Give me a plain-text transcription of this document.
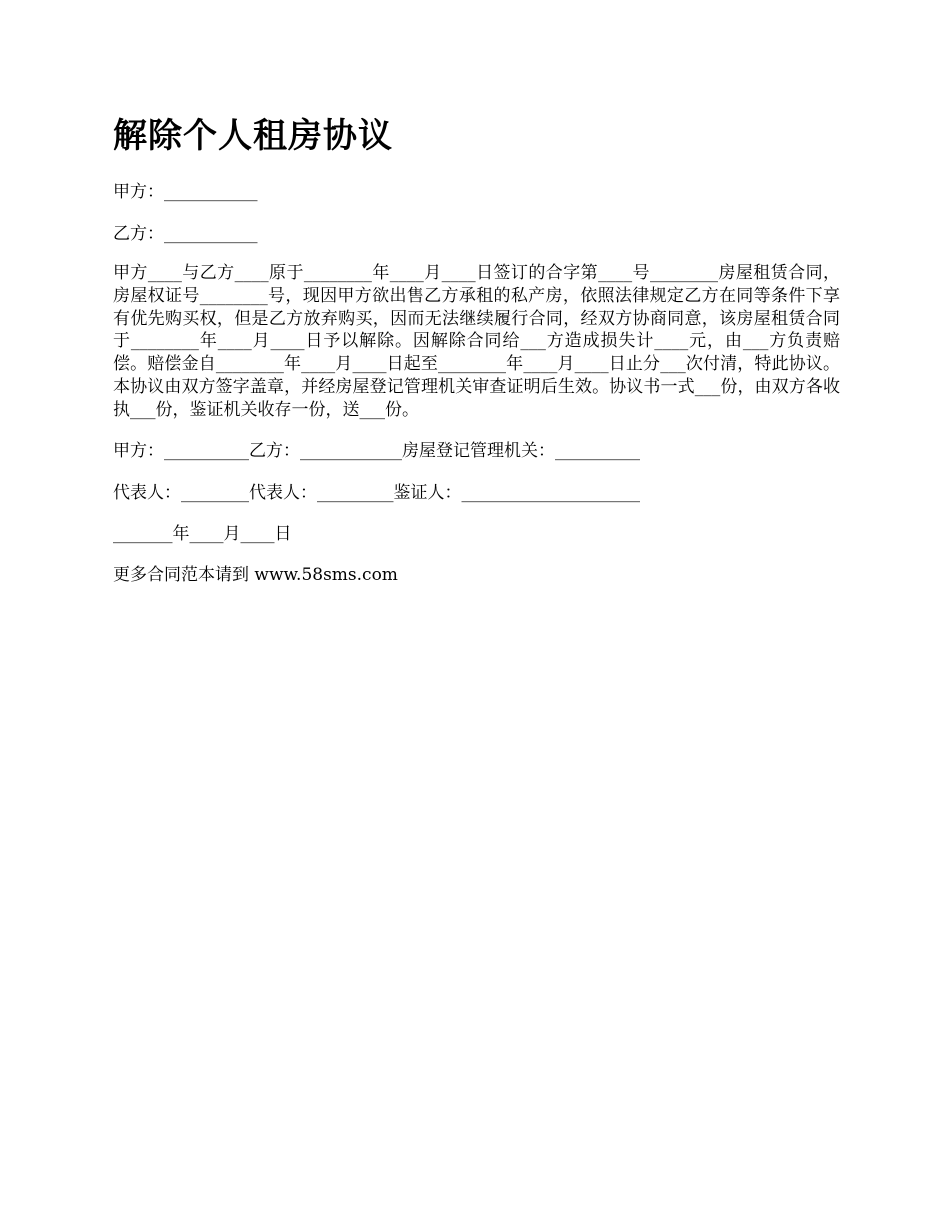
解除个人租房协议

甲方：___________

乙方：___________

甲方____与乙方____原于________年____月____日签订的合字第____号________房屋租赁合同，房屋权证号________号，现因甲方欲出售乙方承租的私产房，依照法律规定乙方在同等条件下享有优先购买权，但是乙方放弃购买，因而无法继续履行合同，经双方协商同意，该房屋租赁合同于________年____月____日予以解除。因解除合同给___方造成损失计____元，由___方负责赔偿。赔偿金自________年____月____日起至________年____月____日止分___次付清，特此协议。本协议由双方签字盖章，并经房屋登记管理机关审查证明后生效。协议书一式___份，由双方各收执___份，鉴证机关收存一份，送___份。

甲方：__________乙方：____________房屋登记管理机关：__________

代表人：________代表人：_________鉴证人：_____________________

_______年____月____日

更多合同范本请到 www.58sms.com
